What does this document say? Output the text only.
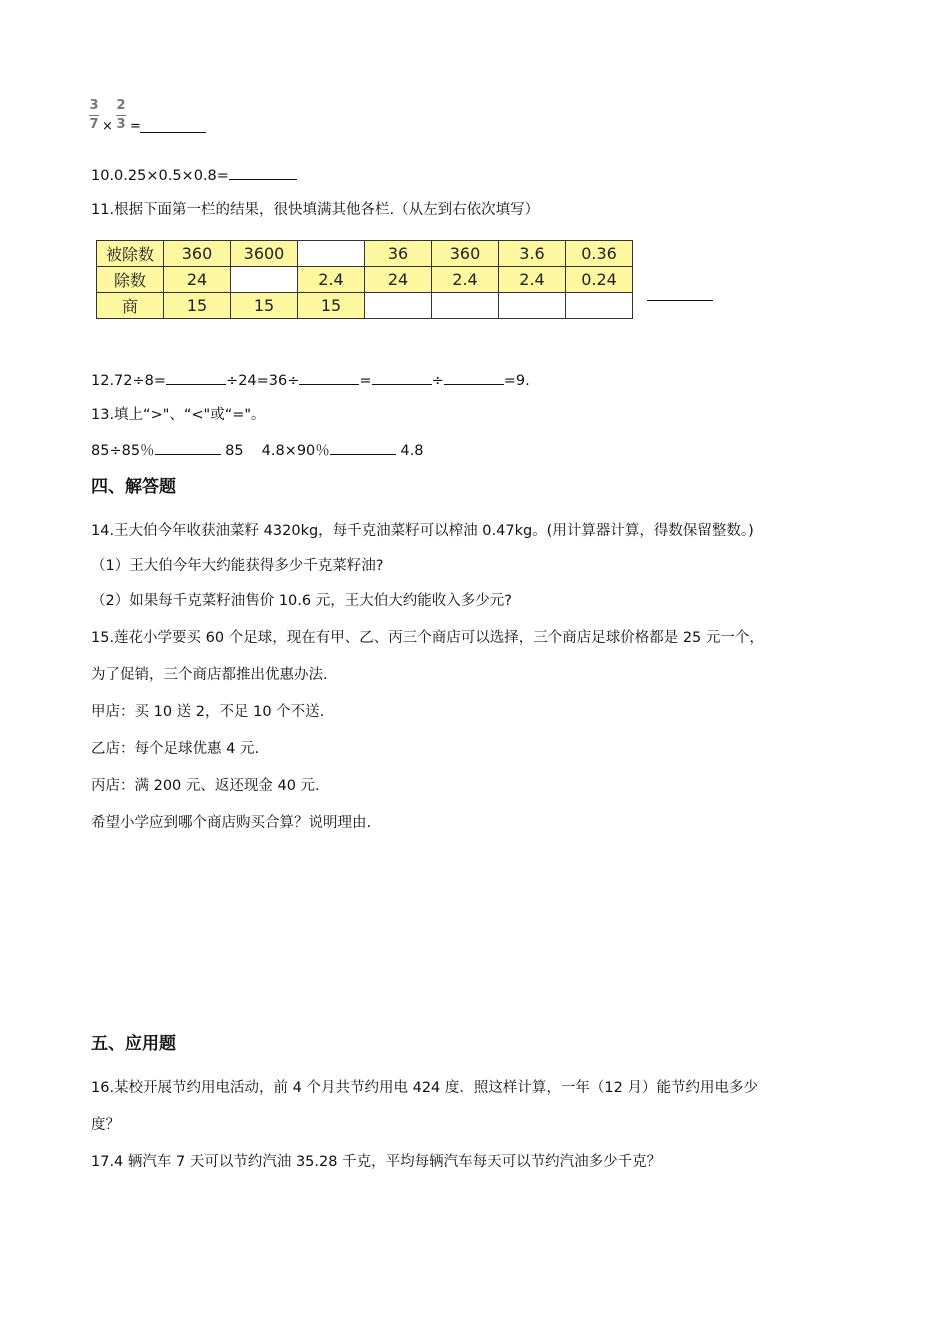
3
7 ×
2
3 =
10.0.25×0.5×0.8=
11.根据下面第一栏的结果，很快填满其他各栏.（从左到右依次填写）
被除数	360	3600		36	360	3.6	0.36
除数	24		2.4	24	2.4	2.4	0.24
商	15	15	15				
12.72÷8=	÷24=36÷	=	÷	=9.
13.填上“>"、“<"或“="。
85÷85％	85 4.8×90％	4.8
四、解答题
14.王大伯今年收获油菜籽 4320kg，每千克油菜籽可以榨油 0.47kg。(用计算器计算，得数保留整数。)
（1）王大伯今年大约能获得多少千克菜籽油?
（2）如果每千克菜籽油售价 10.6 元，王大伯大约能收入多少元?
15.莲花小学要买 60 个足球，现在有甲、乙、丙三个商店可以选择，三个商店足球价格都是 25 元一个，
为了促销，三个商店都推出优惠办法.
甲店：买 10 送 2，不足 10 个不送.
乙店：每个足球优惠 4 元.
丙店：满 200 元、返还现金 40 元.
希望小学应到哪个商店购买合算？说明理由.
五、应用题
16.某校开展节约用电活动，前 4 个月共节约用电 424 度．照这样计算，一年（12 月）能节约用电多少
度？
17.4 辆汽车 7 天可以节约汽油 35.28 千克，平均每辆汽车每天可以节约汽油多少千克？
